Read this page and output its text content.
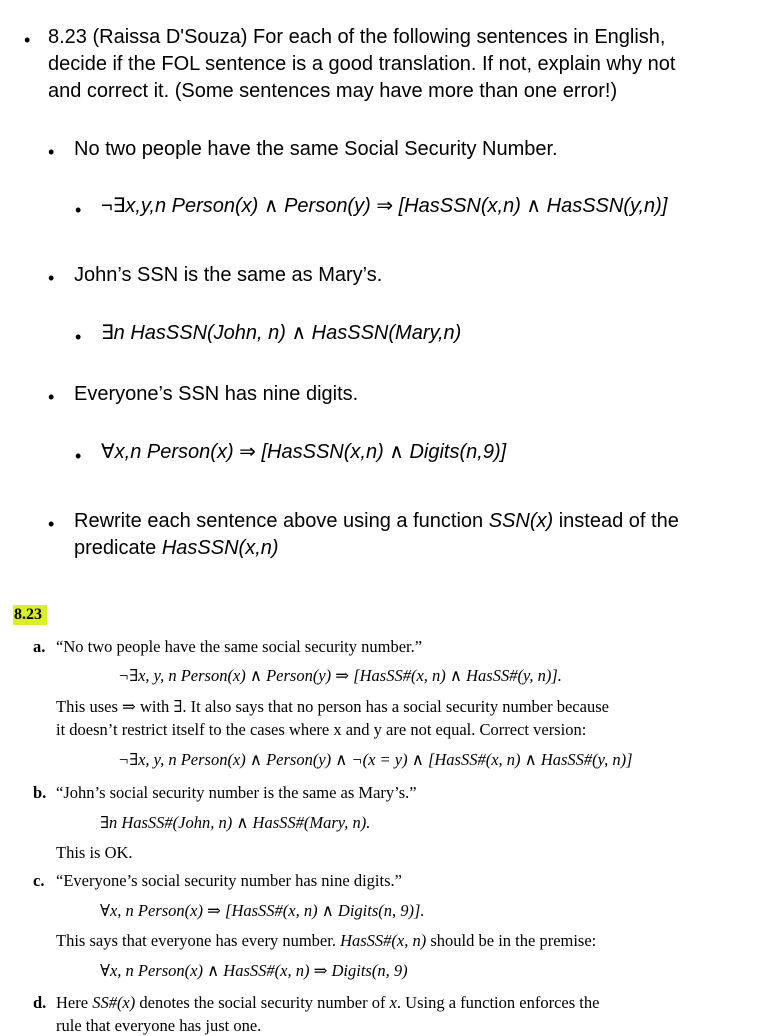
• 8.23 (Raissa D'Souza) For each of the following sentences in English,
decide if the FOL sentence is a good translation. If not, explain why not
and correct it. (Some sentences may have more than one error!)
• No two people have the same Social Security Number.
• ¬∃x,y,n Person(x) ∧ Person(y) ⇒ [HasSSN(x,n) ∧ HasSSN(y,n)]
• John’s SSN is the same as Mary’s.
• ∃n HasSSN(John, n) ∧ HasSSN(Mary,n)
• Everyone’s SSN has nine digits.
• ∀x,n Person(x) ⇒ [HasSSN(x,n) ∧ Digits(n,9)]
• Rewrite each sentence above using a function SSN(x) instead of the
predicate HasSSN(x,n)
8.23
a. “No two people have the same social security number.”
¬∃x, y, n Person(x) ∧ Person(y) ⇒ [HasSS#(x, n) ∧ HasSS#(y, n)].
This uses ⇒ with ∃. It also says that no person has a social security number because
it doesn’t restrict itself to the cases where x and y are not equal. Correct version:
¬∃x, y, n Person(x) ∧ Person(y) ∧ ¬(x = y) ∧ [HasSS#(x, n) ∧ HasSS#(y, n)]
b. “John’s social security number is the same as Mary’s.”
∃n HasSS#(John, n) ∧ HasSS#(Mary, n).
This is OK.
c. “Everyone’s social security number has nine digits.”
∀x, n Person(x) ⇒ [HasSS#(x, n) ∧ Digits(n, 9)].
This says that everyone has every number. HasSS#(x, n) should be in the premise:
∀x, n Person(x) ∧ HasSS#(x, n) ⇒ Digits(n, 9)
d. Here SS#(x) denotes the social security number of x. Using a function enforces the
rule that everyone has just one.
